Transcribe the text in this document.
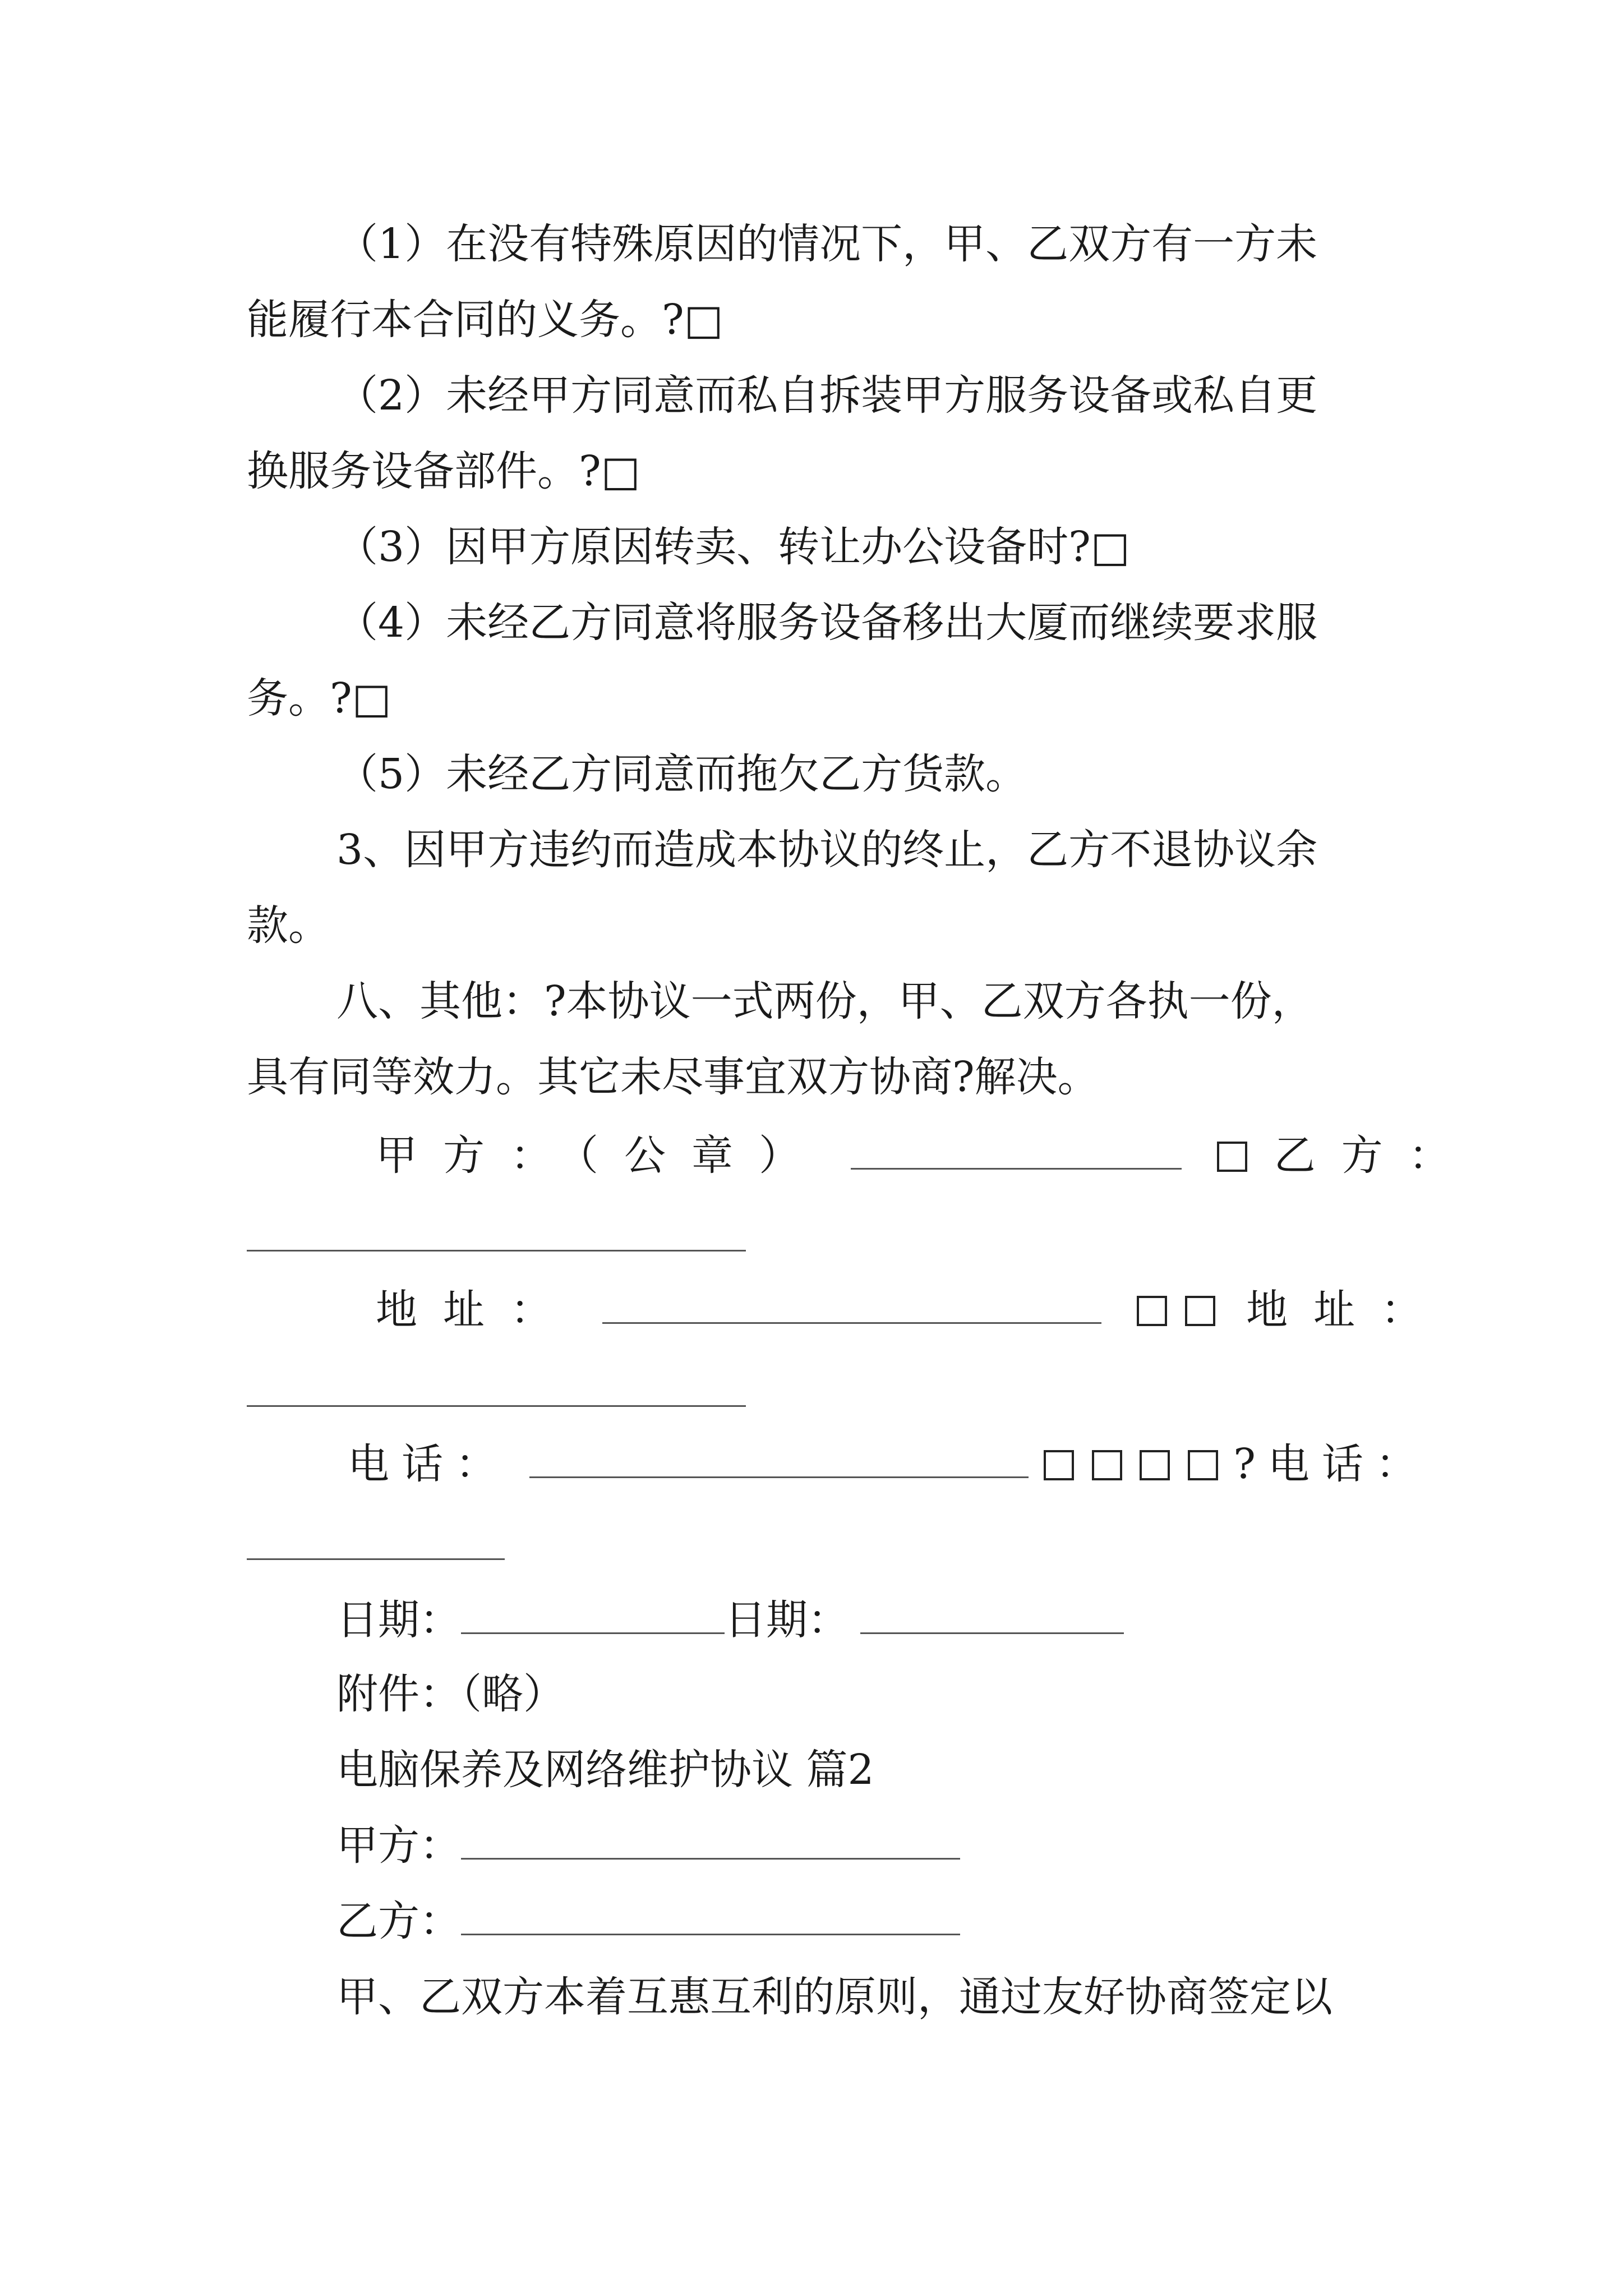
（1）在没有特殊原因的情况下，甲、乙双方有一方未
能履行本合同的义务。?□
（2）未经甲方同意而私自拆装甲方服务设备或私自更
换服务设备部件。?□
（3）因甲方原因转卖、转让办公设备时?□
（4）未经乙方同意将服务设备移出大厦而继续要求服
务。?□
（5）未经乙方同意而拖欠乙方货款。
3、因甲方违约而造成本协议的终止，乙方不退协议余
款。
八、其他：?本协议一式两份，甲、乙双方各执一份，
具有同等效力。其它未尽事宜双方协商?解决。
甲方：（公章）	乙方：
地址：	地址：
电话：	?电话：
日期：	日期：
附件：（略）
电脑保养及网络维护协议 篇2
甲方：
乙方：
甲、乙双方本着互惠互利的原则，通过友好协商签定以
